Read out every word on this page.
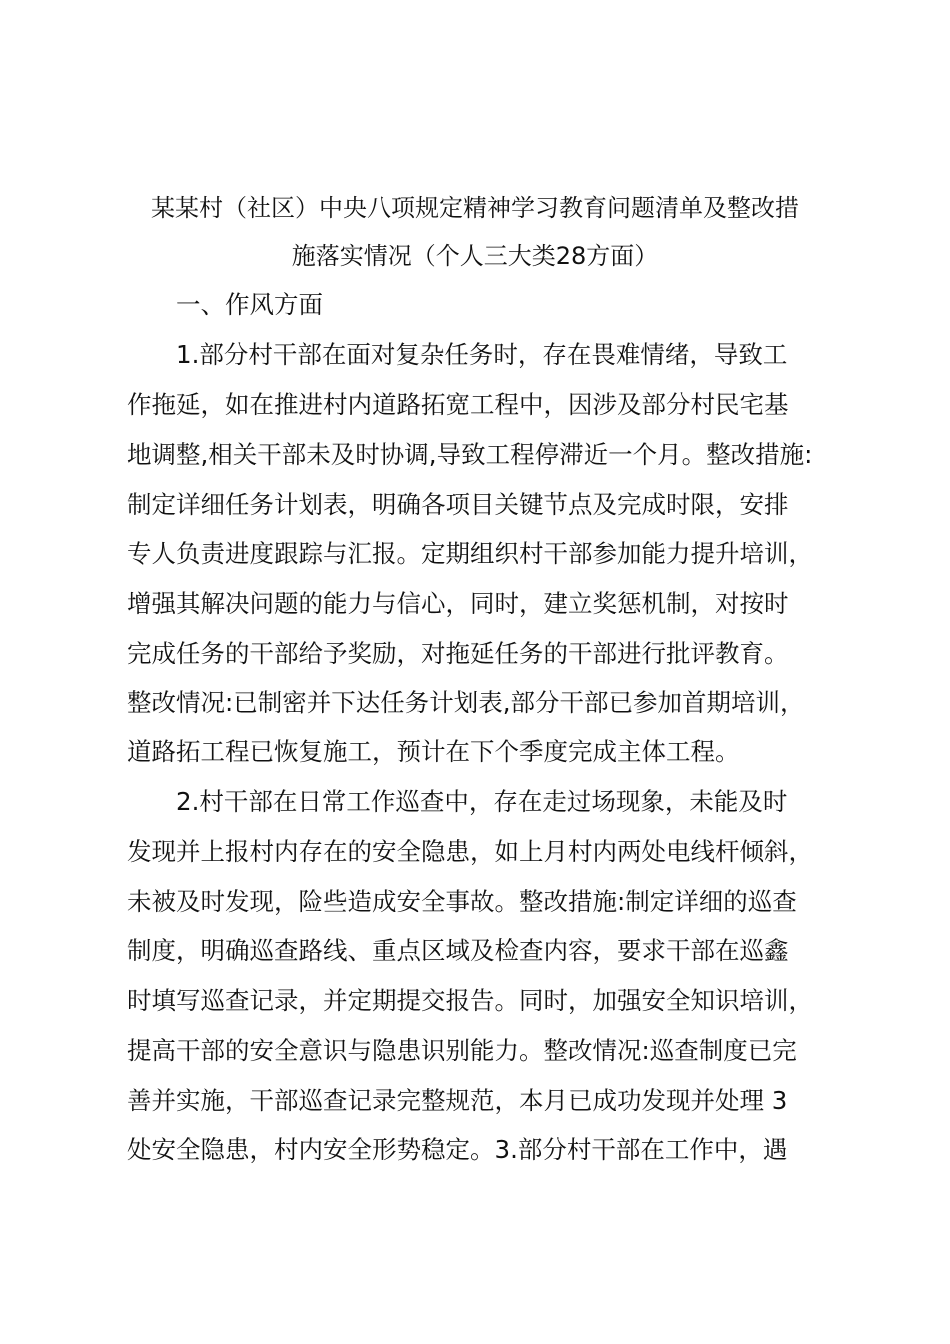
某某村（社区）中央八项规定精神学习教育问题清单及整改措
施落实情况（个人三大类28方面）
一、作风方面
1.部分村干部在面对复杂任务时，存在畏难情绪，导致工
作拖延，如在推进村内道路拓宽工程中，因涉及部分村民宅基
地调整,相关干部未及时协调,导致工程停滞近一个月。整改措施:
制定详细任务计划表，明确各项目关键节点及完成时限，安排
专人负责进度跟踪与汇报。定期组织村干部参加能力提升培训，
增强其解决问题的能力与信心，同时，建立奖惩机制，对按时
完成任务的干部给予奖励，对拖延任务的干部进行批评教育。
整改情况:已制密并下达任务计划表,部分干部已参加首期培训，
道路拓工程已恢复施工，预计在下个季度完成主体工程。
2.村干部在日常工作巡查中，存在走过场现象，未能及时
发现并上报村内存在的安全隐患，如上月村内两处电线杆倾斜，
未被及时发现，险些造成安全事故。整改措施:制定详细的巡查
制度，明确巡查路线、重点区域及检查内容，要求干部在巡鑫
时填写巡查记录，并定期提交报告。同时，加强安全知识培训，
提高干部的安全意识与隐患识别能力。整改情况:巡查制度已完
善并实施，干部巡查记录完整规范，本月已成功发现并处理 3
处安全隐患，村内安全形势稳定。3.部分村干部在工作中，遇
